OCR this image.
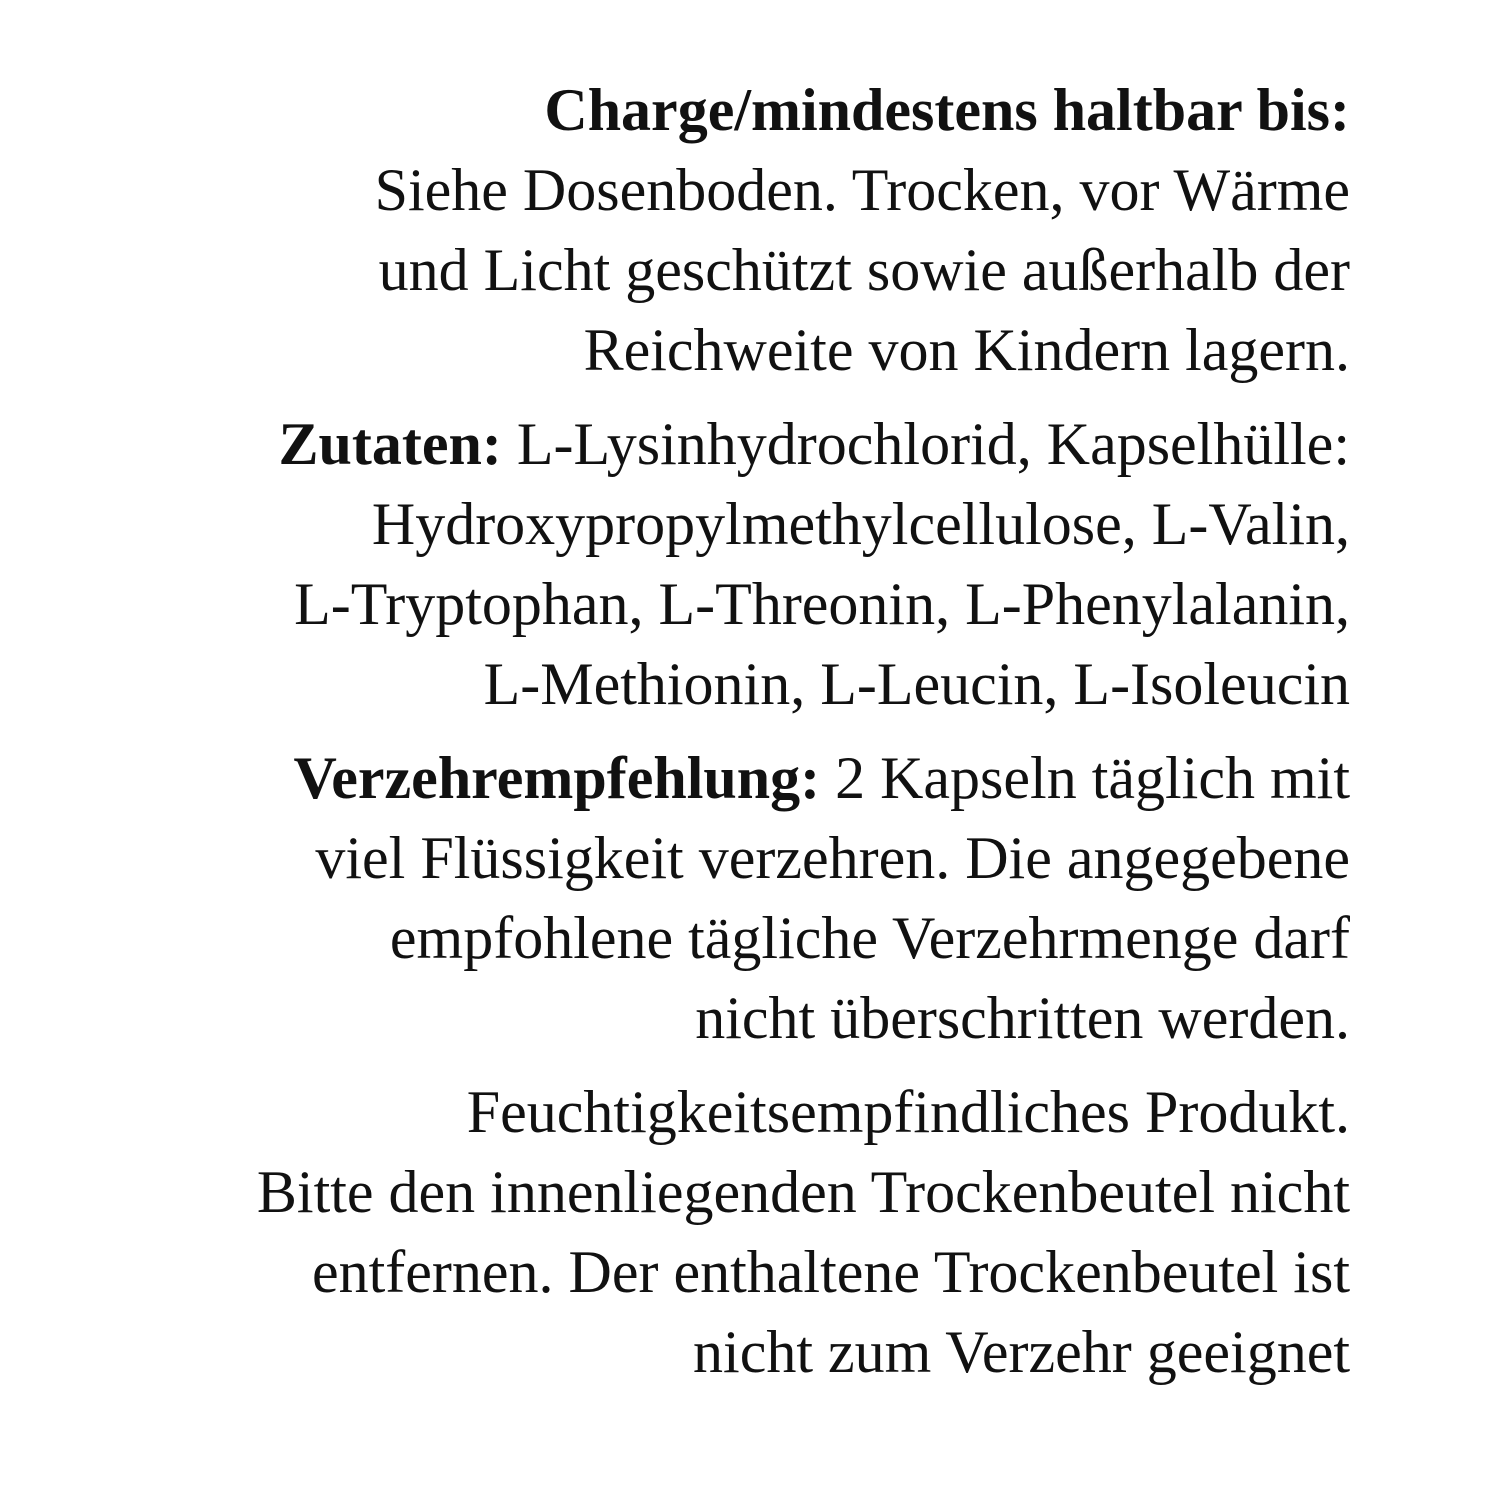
Charge/mindestens haltbar bis:
Siehe Dosenboden. Trocken, vor Wärme
und Licht geschützt sowie außerhalb der
Reichweite von Kindern lagern.
Zutaten: L-Lysinhydrochlorid, Kapselhülle:
Hydroxypropylmethylcellulose, L-Valin,
L-Tryptophan, L-Threonin, L-Phenylalanin,
L-Methionin, L-Leucin, L-Isoleucin
Verzehrempfehlung: 2 Kapseln täglich mit
viel Flüssigkeit verzehren. Die angegebene
empfohlene tägliche Verzehrmenge darf
nicht überschritten werden.
Feuchtigkeitsempfindliches Produkt.
Bitte den innenliegenden Trockenbeutel nicht
entfernen. Der enthaltene Trockenbeutel ist
nicht zum Verzehr geeignet
